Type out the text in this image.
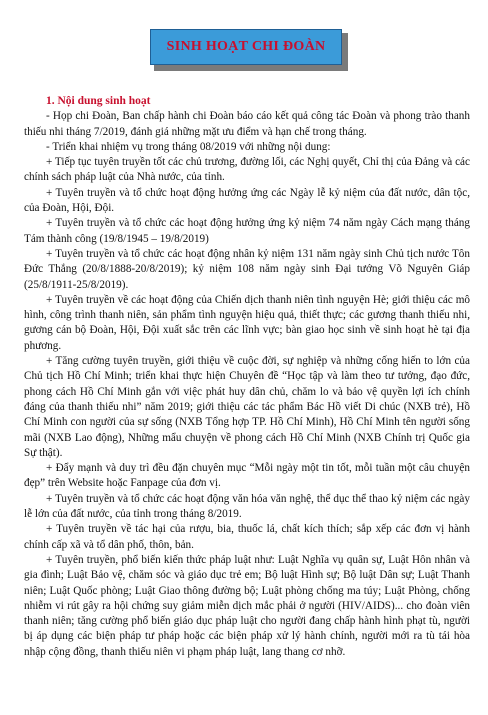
SINH HOẠT CHI ĐOÀN

1. Nội dung sinh hoạt

- Họp chi Đoàn, Ban chấp hành chi Đoàn báo cáo kết quả công tác Đoàn và phong trào thanh thiếu nhi tháng 7/2019, đánh giá những mặt ưu điểm và hạn chế trong tháng.

- Triển khai nhiệm vụ trong tháng 08/2019 với những nội dung:

+ Tiếp tục tuyên truyền tốt các chủ trương, đường lối, các Nghị quyết, Chỉ thị của Đảng và các chính sách pháp luật của Nhà nước, của tỉnh.

+ Tuyên truyền và tổ chức hoạt động hưởng ứng các Ngày lễ kỷ niệm của đất nước, dân tộc, của Đoàn, Hội, Đội.

+ Tuyên truyền và tổ chức các hoạt động hưởng ứng kỷ niệm 74 năm ngày Cách mạng tháng Tám thành công (19/8/1945 – 19/8/2019)

+ Tuyên truyền và tổ chức các hoạt động nhân kỷ niệm 131 năm ngày sinh Chủ tịch nước Tôn Đức Thắng (20/8/1888-20/8/2019); kỷ niệm 108 năm ngày sinh Đại tướng Võ Nguyên Giáp (25/8/1911-25/8/2019).

+ Tuyên truyền về các hoạt động của Chiến dịch thanh niên tình nguyện Hè; giới thiệu các mô hình, công trình thanh niên, sản phẩm tình nguyện hiệu quả, thiết thực; các gương thanh thiếu nhi, gương cán bộ Đoàn, Hội, Đội xuất sắc trên các lĩnh vực; bàn giao học sinh về sinh hoạt hè tại địa phương.

+ Tăng cường tuyên truyền, giới thiệu về cuộc đời, sự nghiệp và những cống hiến to lớn của Chủ tịch Hồ Chí Minh; triển khai thực hiện Chuyên đề “Học tập và làm theo tư tưởng, đạo đức, phong cách Hồ Chí Minh gắn với việc phát huy dân chủ, chăm lo và bảo vệ quyền lợi ích chính đáng của thanh thiếu nhi” năm 2019; giới thiệu các tác phẩm Bác Hồ viết Di chúc (NXB trẻ), Hồ Chí Minh con người của sự sống (NXB Tổng hợp TP. Hồ Chí Minh), Hồ Chí Minh tên người sống mãi (NXB Lao động), Những mẩu chuyện về phong cách Hồ Chí Minh (NXB Chính trị Quốc gia Sự thật).

+ Đẩy mạnh và duy trì đều đặn chuyên mục “Mỗi ngày một tin tốt, mỗi tuần một câu chuyện đẹp” trên Website hoặc Fanpage của đơn vị.

+ Tuyên truyền và tổ chức các hoạt động văn hóa văn nghệ, thể dục thể thao kỷ niệm các ngày lễ lớn của đất nước, của tỉnh trong tháng 8/2019.

+ Tuyên truyền về tác hại của rượu, bia, thuốc lá, chất kích thích; sắp xếp các đơn vị hành chính cấp xã và tổ dân phố, thôn, bản.

+ Tuyên truyền, phổ biến kiến thức pháp luật như: Luật Nghĩa vụ quân sự, Luật Hôn nhân và gia đình; Luật Bảo vệ, chăm sóc và giáo dục trẻ em; Bộ luật Hình sự; Bộ luật Dân sự; Luật Thanh niên; Luật Quốc phòng; Luật Giao thông đường bộ; Luật phòng chống ma túy; Luật Phòng, chống nhiễm vi rút gây ra hội chứng suy giảm miễn dịch mắc phải ở người (HIV/AIDS)... cho đoàn viên thanh niên; tăng cường phổ biến giáo dục pháp luật cho người đang chấp hành hình phạt tù, người bị áp dụng các biện pháp tư pháp hoặc các biện pháp xử lý hành chính, người mới ra tù tái hòa nhập cộng đồng, thanh thiếu niên vi phạm pháp luật, lang thang cơ nhỡ.
